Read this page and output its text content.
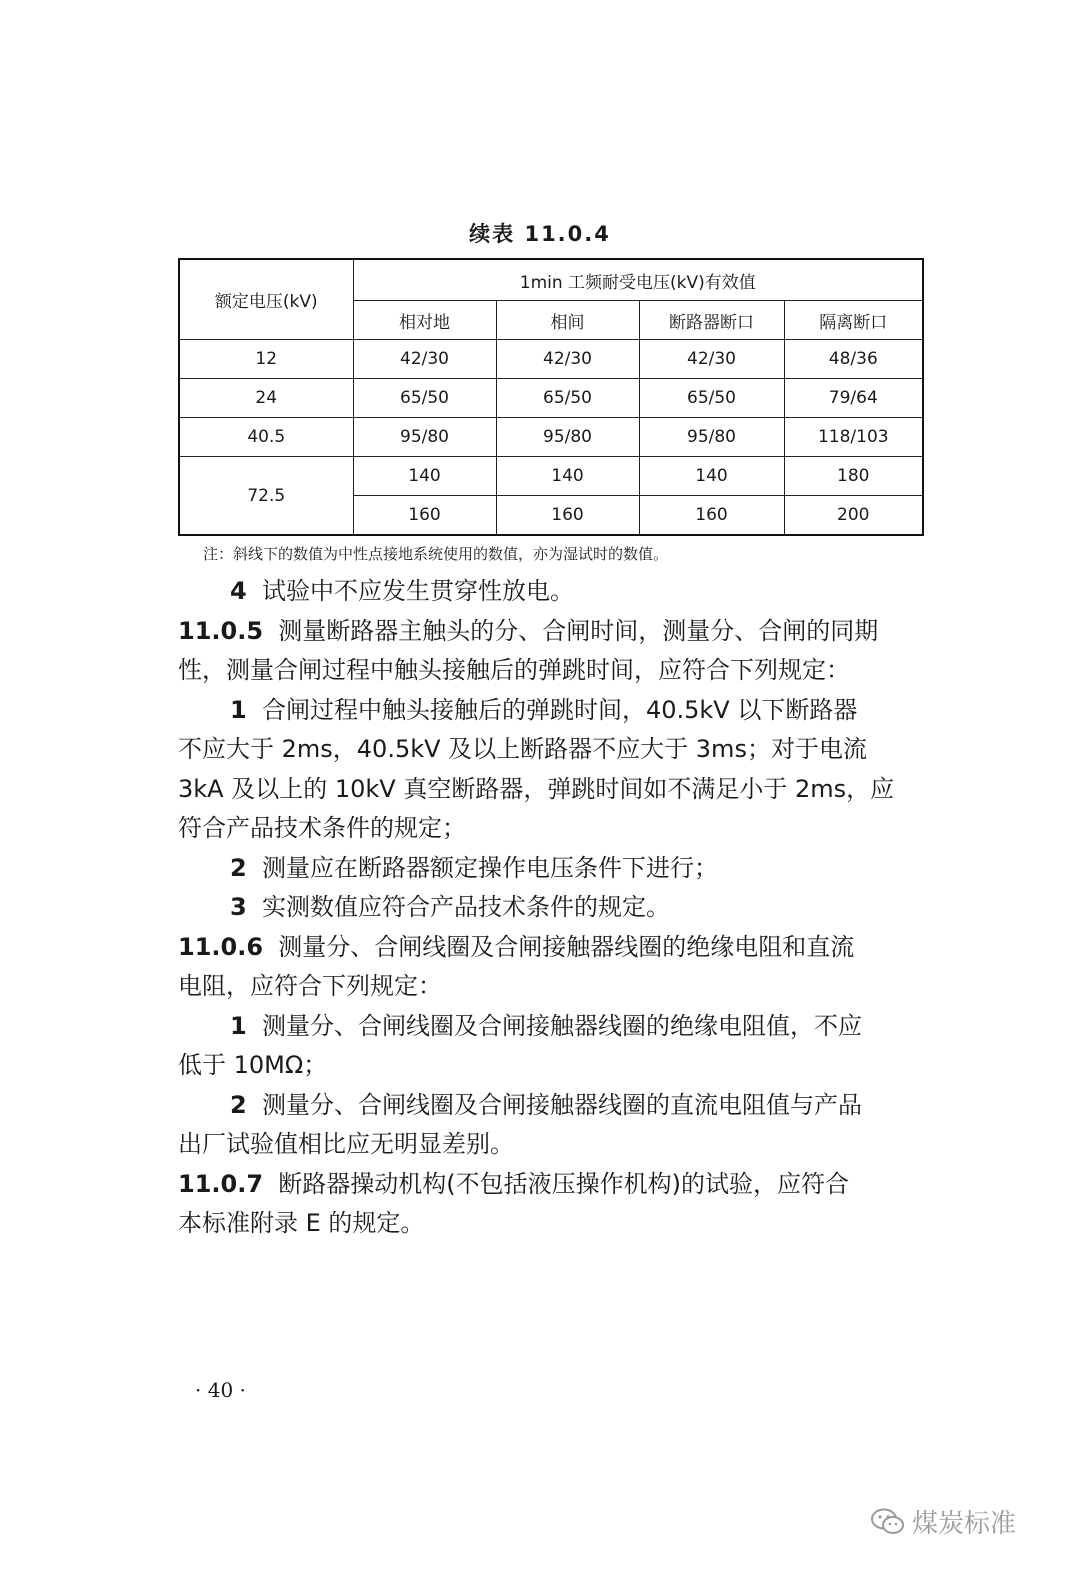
续表 11.0.4
额定电压(kV)	1min 工频耐受电压(kV)有效值			
	相对地	相间	断路器断口	隔离断口
12	42/30	42/30	42/30	48/36
24	65/50	65/50	65/50	79/64
40.5	95/80	95/80	95/80	118/103
72.5	140	140	140	180
	160	160	160	200
注：斜线下的数值为中性点接地系统使用的数值，亦为湿试时的数值。
4 试验中不应发生贯穿性放电。
11.0.5 测量断路器主触头的分、合闸时间，测量分、合闸的同期
性，测量合闸过程中触头接触后的弹跳时间，应符合下列规定：
1 合闸过程中触头接触后的弹跳时间，40.5kV 以下断路器
不应大于 2ms，40.5kV 及以上断路器不应大于 3ms；对于电流
3kA 及以上的 10kV 真空断路器，弹跳时间如不满足小于 2ms，应
符合产品技术条件的规定；
2 测量应在断路器额定操作电压条件下进行；
3 实测数值应符合产品技术条件的规定。
11.0.6 测量分、合闸线圈及合闸接触器线圈的绝缘电阻和直流
电阻，应符合下列规定：
1 测量分、合闸线圈及合闸接触器线圈的绝缘电阻值，不应
低于 10MΩ；
2 测量分、合闸线圈及合闸接触器线圈的直流电阻值与产品
出厂试验值相比应无明显差别。
11.0.7 断路器操动机构(不包括液压操作机构)的试验，应符合
本标准附录 E 的规定。
· 40 ·
煤炭标准
